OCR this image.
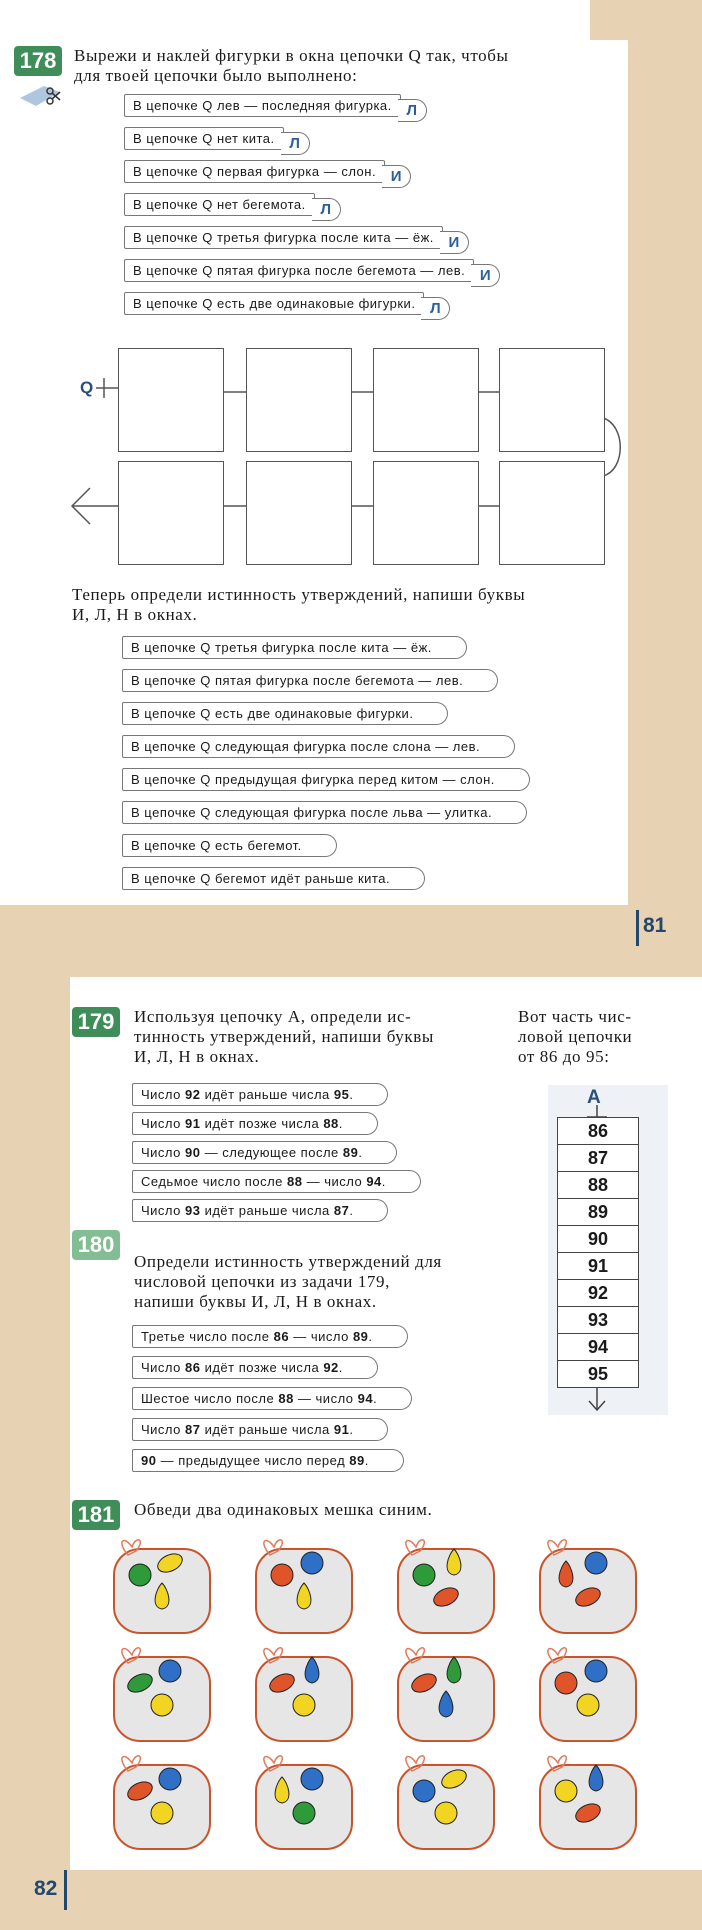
81
178	Вырежи и наклей фигурки в окна цепочки Q так, чтобы
для твоей цепочки было выполнено:
В цепочке Q лев — последняя фигурка. Л
В цепочке Q нет кита. Л
В цепочке Q первая фигурка — слон. И
В цепочке Q нет бегемота. Л
В цепочке Q третья фигурка после кита — ёж. И
В цепочке Q пятая фигурка после бегемота — лев. И
В цепочке Q есть две одинаковые фигурки. Л
Q
Теперь определи истинность утверждений, напиши буквы
И, Л, Н в окнах.
В цепочке Q третья фигурка после кита — ёж.
В цепочке Q пятая фигурка после бегемота — лев.
В цепочке Q есть две одинаковые фигурки.
В цепочке Q следующая фигурка после слона — лев.
В цепочке Q предыдущая фигурка перед китом — слон.
В цепочке Q следующая фигурка после льва — улитка.
В цепочке Q есть бегемот.
В цепочке Q бегемот идёт раньше кита.
82
Вот часть чис-
ловой цепочки
от 86 до 95:
А
86
87
88
89
90
91
92
93
94
95
179	Используя цепочку А, определи ис-
тинность утверждений, напиши буквы
И, Л, Н в окнах.
Число 92 идёт раньше числа 95.
Число 91 идёт позже числа 88.
Число 90 — следующее после 89.
Седьмое число после 88 — число 94.
Число 93 идёт раньше числа 87.
180
Определи истинность утверждений для
числовой цепочки из задачи 179,
напиши буквы И, Л, Н в окнах.
Третье число после 86 — число 89.
Число 86 идёт позже числа 92.
Шестое число после 88 — число 94.
Число 87 идёт раньше числа 91.
90 — предыдущее число перед 89.
181	Обведи два одинаковых мешка синим.
